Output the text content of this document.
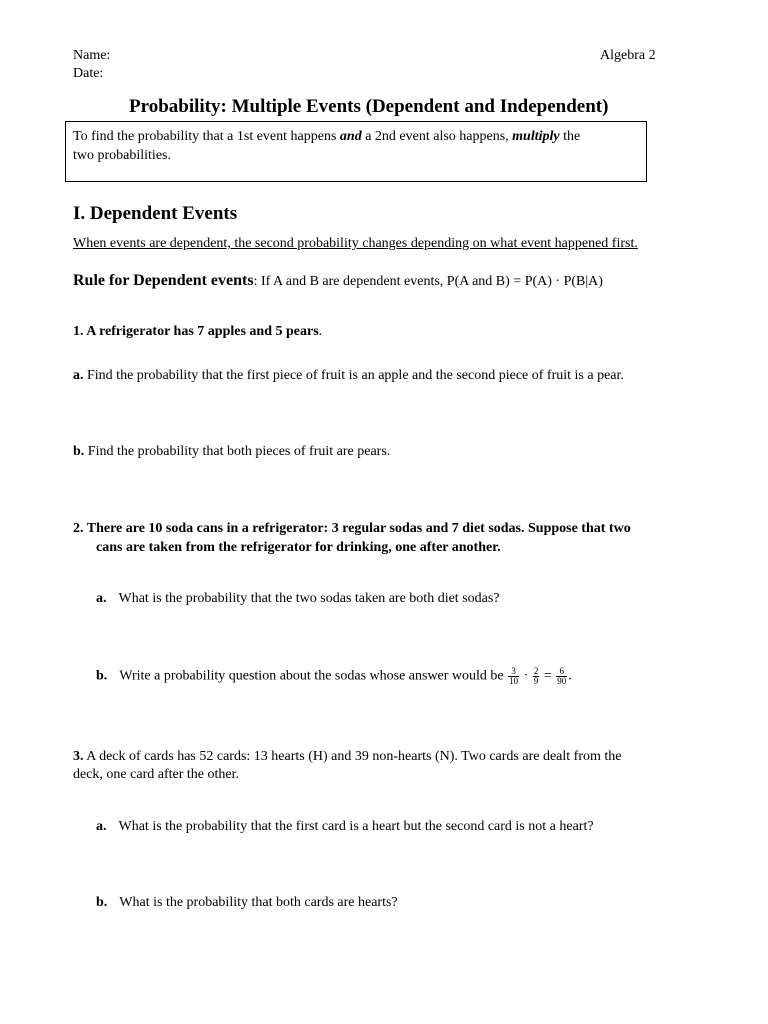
Name:
Date:
Algebra 2
Probability: Multiple Events (Dependent and Independent)
To find the probability that a 1st event happens and a 2nd event also happens, multiply the
two probabilities.
I. Dependent Events
When events are dependent, the second probability changes depending on what event happened first.
Rule for Dependent events: If A and B are dependent events, P(A and B) = P(A) · P(B|A)
1. A refrigerator has 7 apples and 5 pears.
a. Find the probability that the first piece of fruit is an apple and the second piece of fruit is a pear.
b. Find the probability that both pieces of fruit are pears.
2. There are 10 soda cans in a refrigerator: 3 regular sodas and 7 diet sodas. Suppose that two
cans are taken from the refrigerator for drinking, one after another.
a. What is the probability that the two sodas taken are both diet sodas?
b. Write a probability question about the sodas whose answer would be $\frac{3}{10} \cdot \frac{2}{9} = \frac{6}{90}$ .
3. A deck of cards has 52 cards: 13 hearts (H) and 39 non-hearts (N). Two cards are dealt from the
deck, one card after the other.
a. What is the probability that the first card is a heart but the second card is not a heart?
b. What is the probability that both cards are hearts?
